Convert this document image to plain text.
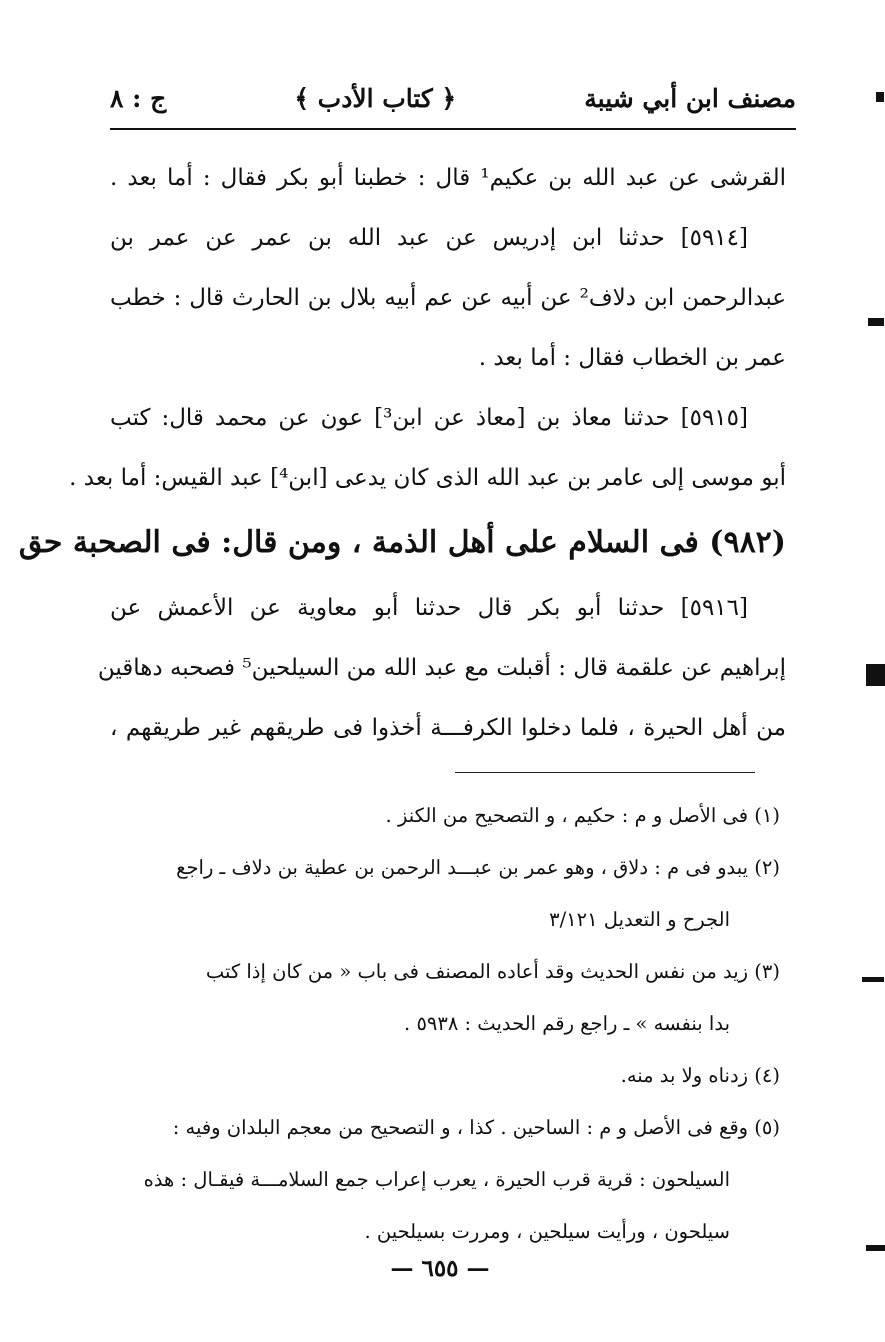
مصنف ابن أبي شيبة
﴿ كتاب الأدب ﴾
ج : ٨
القرشى عن عبد الله بن عكيم¹ قال : خطبنا أبو بكر فقال : أما بعد .
[٥٩١٤] حدثنا ابن إدريس عن عبد الله بن عمر عن عمر بن
عبدالرحمن ابن دلاف² عن أبيه عن عم أبيه بلال بن الحارث قال : خطب
عمر بن الخطاب فقال : أما بعد .
[٥٩١٥] حدثنا معاذ بن [معاذ عن ابن³] عون عن محمد قال: كتب
أبو موسى إلى عامر بن عبد الله الذى كان يدعى [ابن⁴] عبد القيس: أما بعد .
(٩٨٢) فى السلام على أهل الذمة ، ومن قال: فى الصحبة حق
[٥٩١٦] حدثنا أبو بكر قال حدثنا أبو معاوية عن الأعمش عن
إبراهيم عن علقمة قال : أقبلت مع عبد الله من السيلحين⁵ فصحبه دهاقين
من أهل الحيرة ، فلما دخلوا الكرفـــة أخذوا فى طريقهم غير طريقهم ،
(١) فى الأصل و م : حكيم ، و التصحيح من الكنز .
(٢) يبدو فى م : دلاق ، وهو عمر بن عبـــد الرحمن بن عطية بن دلاف ـ راجع
الجرح و التعديل ٣/١٢١
(٣) زيد من نفس الحديث وقد أعاده المصنف فى باب « من كان إذا كتب
بدا بنفسه » ـ راجع رقم الحديث : ٥٩٣٨ .
(٤) زدناه ولا بد منه.
(٥) وقع فى الأصل و م : الساحين . كذا ، و التصحيح من معجم البلدان وفيه :
السيلحون : قرية قرب الحيرة ، يعرب إعراب جمع السلامـــة فيقـال : هذه
سيلحون ، ورأيت سيلحين ، ومررت بسيلحين .
— ٦٥٥ —
